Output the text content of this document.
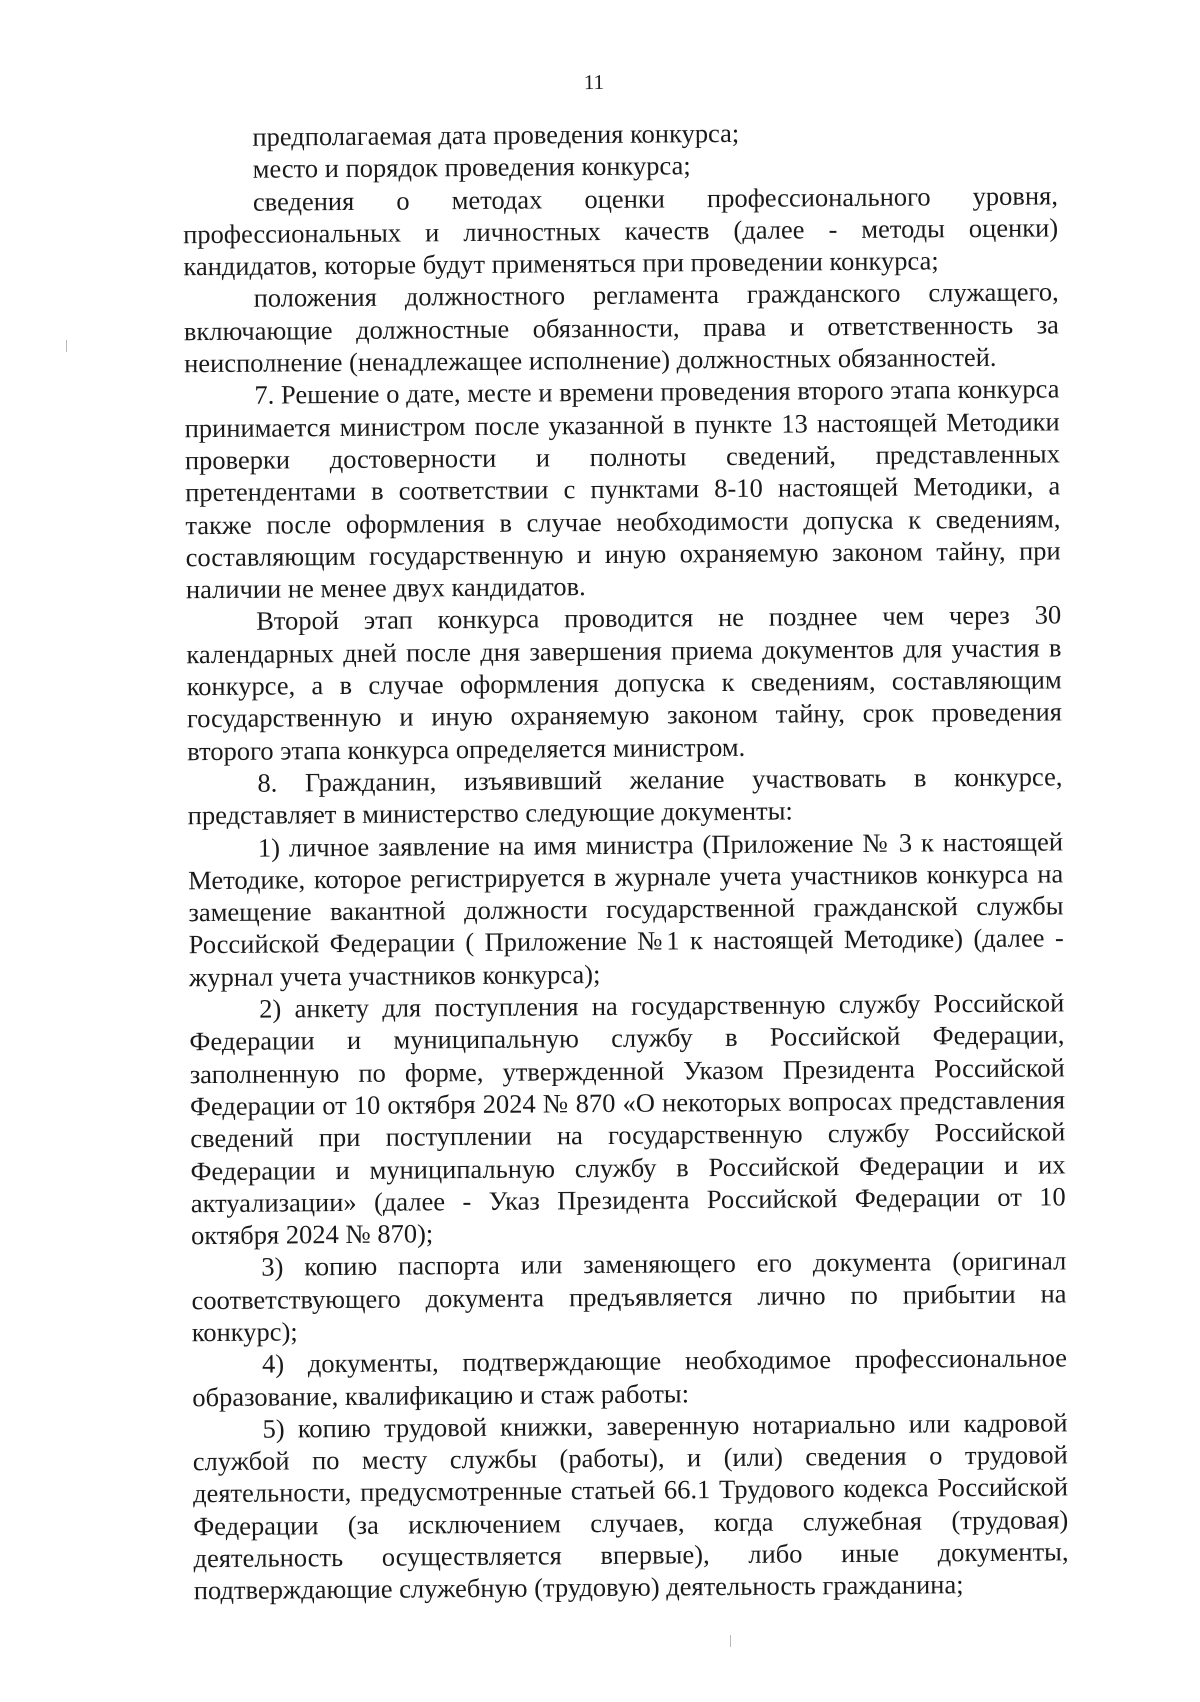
11

предполагаемая дата проведения конкурса;

место и порядок проведения конкурса;

сведения о методах оценки профессионального уровня, профессиональных и личностных качеств (далее - методы оценки) кандидатов, которые будут применяться при проведении конкурса;

положения должностного регламента гражданского служащего, включающие должностные обязанности, права и ответственность за неисполнение (ненадлежащее исполнение) должностных обязанностей.

7. Решение о дате, месте и времени проведения второго этапа конкурса принимается министром после указанной в пункте 13 настоящей Методики проверки достоверности и полноты сведений, представленных претендентами в соответствии с пунктами 8-10 настоящей Методики, а также после оформления в случае необходимости допуска к сведениям, составляющим государственную и иную охраняемую законом тайну, при наличии не менее двух кандидатов.

Второй этап конкурса проводится не позднее чем через 30 календарных дней после дня завершения приема документов для участия в конкурсе, а в случае оформления допуска к сведениям, составляющим государственную и иную охраняемую законом тайну, срок проведения второго этапа конкурса определяется министром.

8. Гражданин, изъявивший желание участвовать в конкурсе, представляет в министерство следующие документы:

1) личное заявление на имя министра (Приложение № 3 к настоящей Методике, которое регистрируется в журнале учета участников конкурса на замещение вакантной должности государственной гражданской службы Российской Федерации ( Приложение №1 к настоящей Методике) (далее - журнал учета участников конкурса);

2) анкету для поступления на государственную службу Российской Федерации и муниципальную службу в Российской Федерации, заполненную по форме, утвержденной Указом Президента Российской Федерации от 10 октября 2024 № 870 «О некоторых вопросах представления сведений при поступлении на государственную службу Российской Федерации и муниципальную службу в Российской Федерации и их актуализации» (далее - Указ Президента Российской Федерации от 10 октября 2024 № 870);

3) копию паспорта или заменяющего его документа (оригинал соответствующего документа предъявляется лично по прибытии на конкурс);

4) документы, подтверждающие необходимое профессиональное образование, квалификацию и стаж работы:

5) копию трудовой книжки, заверенную нотариально или кадровой службой по месту службы (работы), и (или) сведения о трудовой деятельности, предусмотренные статьей 66.1 Трудового кодекса Российской Федерации (за исключением случаев, когда служебная (трудовая) деятельность осуществляется впервые), либо иные документы, подтверждающие служебную (трудовую) деятельность гражданина;
